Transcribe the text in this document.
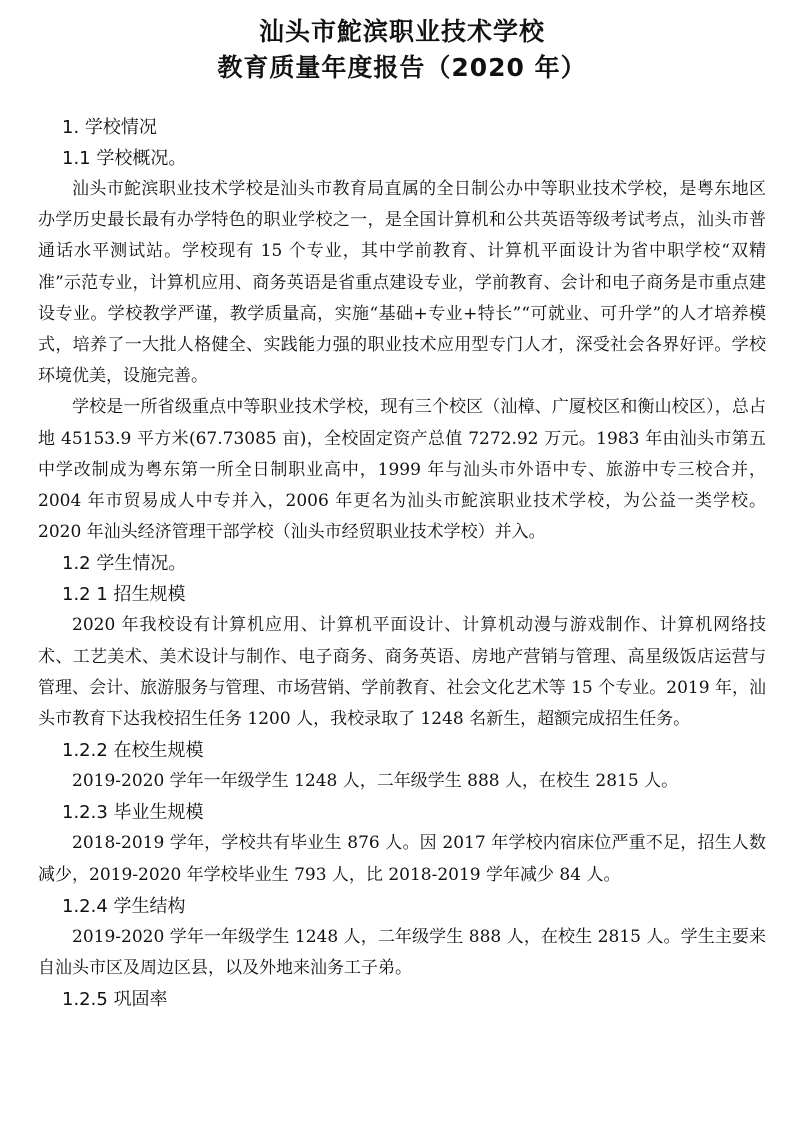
汕头市鮀滨职业技术学校
教育质量年度报告（2020 年）
1. 学校情况
1.1 学校概况。

汕头市鮀滨职业技术学校是汕头市教育局直属的全日制公办中等职业技术学校，是粤东地区办学历史最长最有办学特色的职业学校之一，是全国计算机和公共英语等级考试考点，汕头市普通话水平测试站。学校现有 15 个专业，其中学前教育、计算机平面设计为省中职学校“双精准”示范专业，计算机应用、商务英语是省重点建设专业，学前教育、会计和电子商务是市重点建设专业。学校教学严谨，教学质量高，实施“基础+专业+特长”“可就业、可升学”的人才培养模式，培养了一大批人格健全、实践能力强的职业技术应用型专门人才，深受社会各界好评。学校环境优美，设施完善。

学校是一所省级重点中等职业技术学校，现有三个校区（汕樟、广厦校区和衡山校区），总占地 45153.9 平方米(67.73085 亩)，全校固定资产总值 7272.92 万元。1983 年由汕头市第五中学改制成为粤东第一所全日制职业高中，1999 年与汕头市外语中专、旅游中专三校合并，2004 年市贸易成人中专并入，2006 年更名为汕头市鮀滨职业技术学校，为公益一类学校。2020 年汕头经济管理干部学校（汕头市经贸职业技术学校）并入。

1.2 学生情况。
1.2 1 招生规模

2020 年我校设有计算机应用、计算机平面设计、计算机动漫与游戏制作、计算机网络技术、工艺美术、美术设计与制作、电子商务、商务英语、房地产营销与管理、高星级饭店运营与管理、会计、旅游服务与管理、市场营销、学前教育、社会文化艺术等 15 个专业。2019 年，汕头市教育下达我校招生任务 1200 人，我校录取了 1248 名新生，超额完成招生任务。

1.2.2 在校生规模

2019-2020 学年一年级学生 1248 人，二年级学生 888 人，在校生 2815 人。

1.2.3 毕业生规模

2018-2019 学年，学校共有毕业生 876 人。因 2017 年学校内宿床位严重不足，招生人数减少，2019-2020 年学校毕业生 793 人，比 2018-2019 学年减少 84 人。

1.2.4 学生结构

2019-2020 学年一年级学生 1248 人，二年级学生 888 人，在校生 2815 人。学生主要来自汕头市区及周边区县，以及外地来汕务工子弟。

1.2.5 巩固率
